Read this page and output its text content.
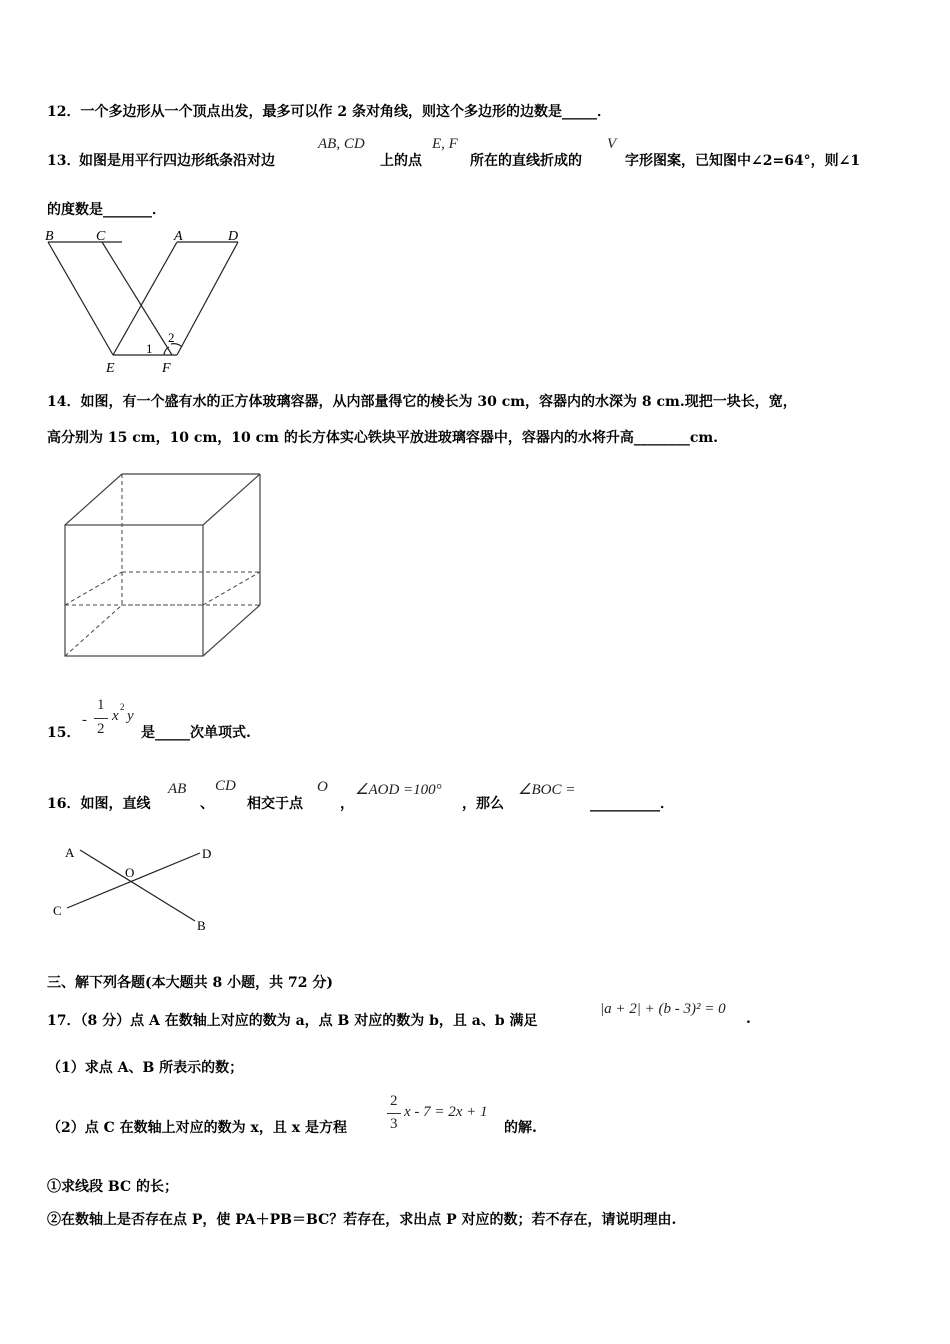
12．一个多边形从一个顶点出发，最多可以作 2 条对角线，则这个多边形的边数是_____．
13．
如图是用平行四边形纸条沿对边
AB, CD
上的点
E, F
所在的直线折成的
V
字形图案，已知图中∠2=64°，则∠1
的度数是_______．
B	C	A	D
E	F
1
2
14．如图，有一个盛有水的正方体玻璃容器，从内部量得它的棱长为 30 cm，容器内的水深为 8 cm.现把一块长，宽，
高分别为 15 cm，10 cm，10 cm 的长方体实心铁块平放进玻璃容器中，容器内的水将升高________cm.
15．
-
1
2
x
2
y
是_____次单项式.
16．如图，直线
AB
、
CD
相交于点
O
，
∠AOD =100°
，那么
∠BOC =
__________．
A	D
O
C
B
三、解下列各题(本大题共 8 小题，共 72 分)
17．（8 分）点 A 在数轴上对应的数为 a，点 B 对应的数为 b，且 a、b 满足
|a + 2| + (b - 3)² = 0
.
（1）求点 A、B 所表示的数；
（2）点 C 在数轴上对应的数为 x，且 x 是方程
2
3
x - 7 = 2x + 1
的解.
①求线段 BC 的长；
②在数轴上是否存在点 P，使 PA＋PB＝BC？若存在，求出点 P 对应的数；若不存在，请说明理由.
